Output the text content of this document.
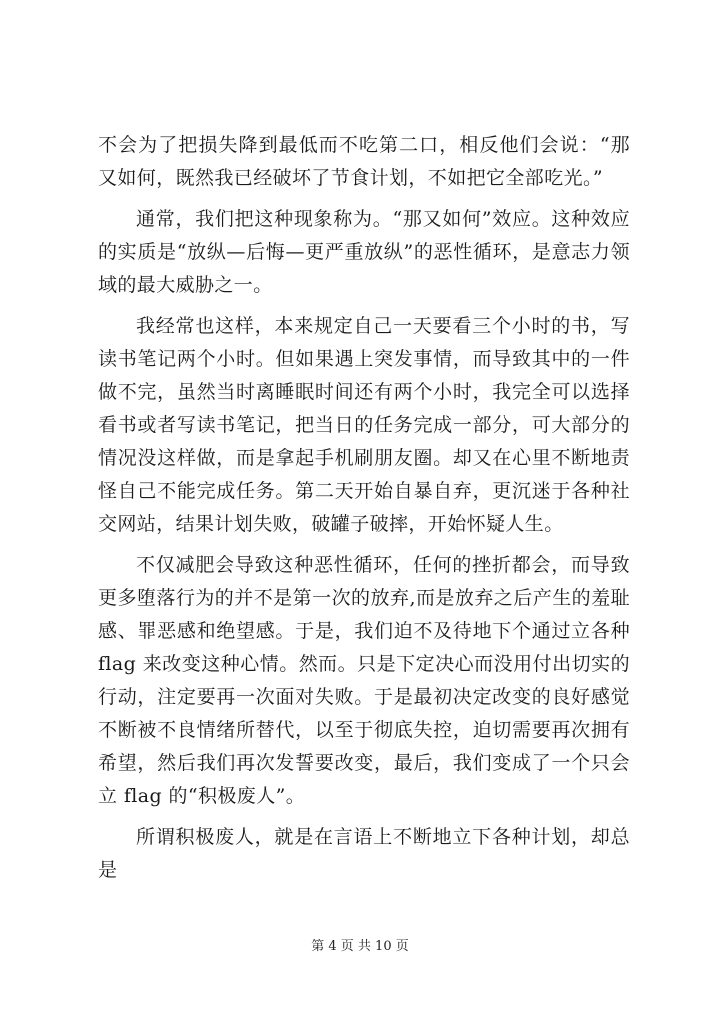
不会为了把损失降到最低而不吃第二口，相反他们会说：“那又如何，既然我已经破坏了节食计划，不如把它全部吃光。”

通常，我们把这种现象称为。“那又如何”效应。这种效应的实质是“放纵—后悔—更严重放纵”的恶性循环，是意志力领域的最大威胁之一。

我经常也这样，本来规定自己一天要看三个小时的书，写读书笔记两个小时。但如果遇上突发事情，而导致其中的一件做不完，虽然当时离睡眠时间还有两个小时，我完全可以选择看书或者写读书笔记，把当日的任务完成一部分，可大部分的情况没这样做，而是拿起手机刷朋友圈。却又在心里不断地责怪自己不能完成任务。第二天开始自暴自弃，更沉迷于各种社交网站，结果计划失败，破罐子破摔，开始怀疑人生。

不仅减肥会导致这种恶性循环，任何的挫折都会，而导致更多堕落行为的并不是第一次的放弃,而是放弃之后产生的羞耻感、罪恶感和绝望感。于是，我们迫不及待地下个通过立各种 flag 来改变这种心情。然而。只是下定决心而没用付出切实的行动，注定要再一次面对失败。于是最初决定改变的良好感觉不断被不良情绪所替代，以至于彻底失控，迫切需要再次拥有希望，然后我们再次发誓要改变，最后，我们变成了一个只会立 flag 的“积极废人”。

所谓积极废人，就是在言语上不断地立下各种计划，却总是

第 4 页 共 10 页
